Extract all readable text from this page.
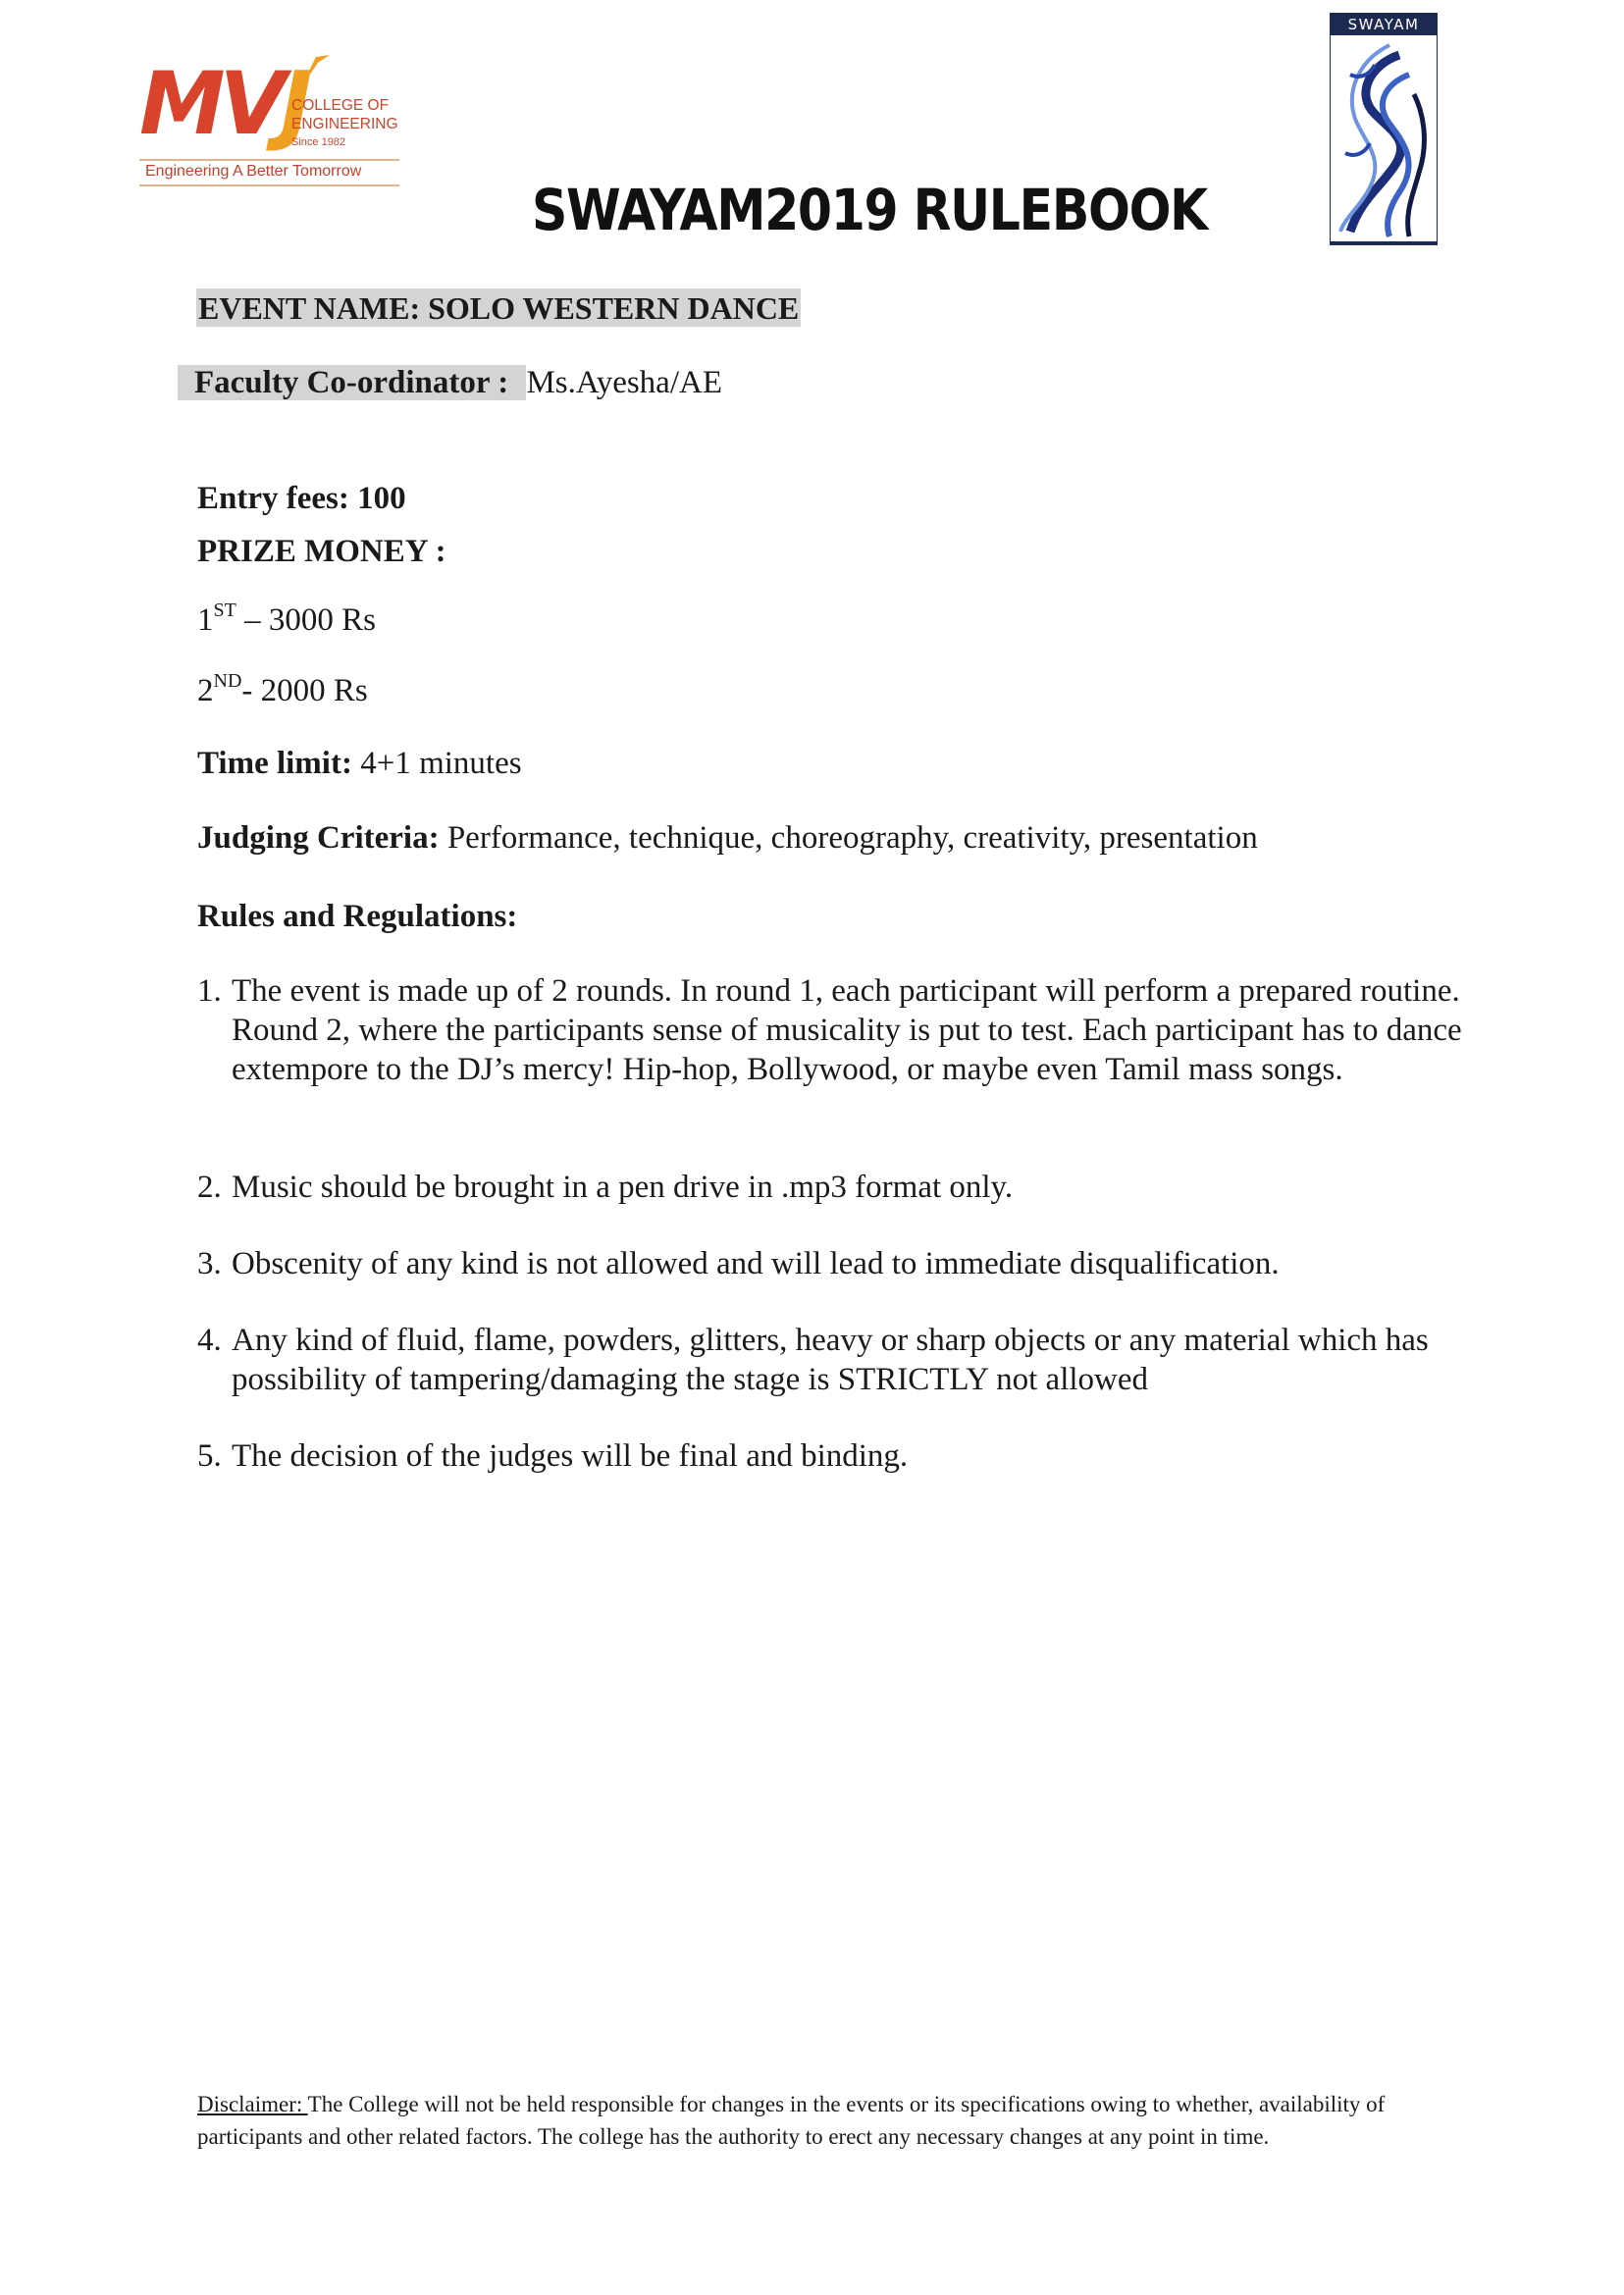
MVJ
COLLEGE OF
ENGINEERING
Since 1982
Engineering A Better Tomorrow
SWAYAM
SWAYAM2019 RULEBOOK
EVENT NAME: SOLO WESTERN DANCE
Faculty Co-ordinator : Ms.Ayesha/AE
Entry fees: 100
PRIZE MONEY :
1ST – 3000 Rs
2ND- 2000 Rs
Time limit: 4+1 minutes
Judging Criteria: Performance, technique, choreography, creativity, presentation
Rules and Regulations:
1. The event is made up of 2 rounds. In round 1, each participant will perform a prepared routine. Round 2, where the participants sense of musicality is put to test. Each participant has to dance extempore to the DJ’s mercy! Hip-hop, Bollywood, or maybe even Tamil mass songs.
2. Music should be brought in a pen drive in .mp3 format only.
3. Obscenity of any kind is not allowed and will lead to immediate disqualification.
4. Any kind of fluid, flame, powders, glitters, heavy or sharp objects or any material which has possibility of tampering/damaging the stage is STRICTLY not allowed
5. The decision of the judges will be final and binding.
Disclaimer: The College will not be held responsible for changes in the events or its specifications owing to whether, availability of participants and other related factors. The college has the authority to erect any necessary changes at any point in time.
